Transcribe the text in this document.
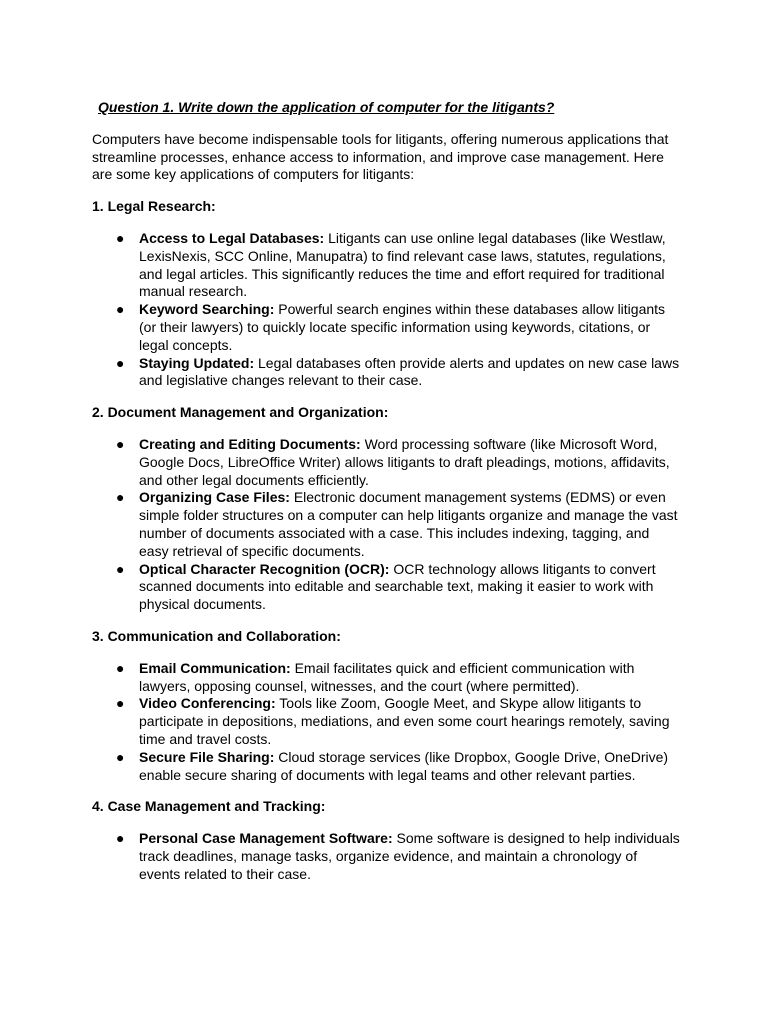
Question 1. Write down the application of computer for the litigants?

Computers have become indispensable tools for litigants, offering numerous applications that streamline processes, enhance access to information, and improve case management. Here are some key applications of computers for litigants:

1. Legal Research:

● Access to Legal Databases: Litigants can use online legal databases (like Westlaw, LexisNexis, SCC Online, Manupatra) to find relevant case laws, statutes, regulations, and legal articles. This significantly reduces the time and effort required for traditional manual research.
● Keyword Searching: Powerful search engines within these databases allow litigants (or their lawyers) to quickly locate specific information using keywords, citations, or legal concepts.
● Staying Updated: Legal databases often provide alerts and updates on new case laws and legislative changes relevant to their case.

2. Document Management and Organization:

● Creating and Editing Documents: Word processing software (like Microsoft Word, Google Docs, LibreOffice Writer) allows litigants to draft pleadings, motions, affidavits, and other legal documents efficiently.
● Organizing Case Files: Electronic document management systems (EDMS) or even simple folder structures on a computer can help litigants organize and manage the vast number of documents associated with a case. This includes indexing, tagging, and easy retrieval of specific documents.
● Optical Character Recognition (OCR): OCR technology allows litigants to convert scanned documents into editable and searchable text, making it easier to work with physical documents.

3. Communication and Collaboration:

● Email Communication: Email facilitates quick and efficient communication with lawyers, opposing counsel, witnesses, and the court (where permitted).
● Video Conferencing: Tools like Zoom, Google Meet, and Skype allow litigants to participate in depositions, mediations, and even some court hearings remotely, saving time and travel costs.
● Secure File Sharing: Cloud storage services (like Dropbox, Google Drive, OneDrive) enable secure sharing of documents with legal teams and other relevant parties.

4. Case Management and Tracking:

● Personal Case Management Software: Some software is designed to help individuals track deadlines, manage tasks, organize evidence, and maintain a chronology of events related to their case.
